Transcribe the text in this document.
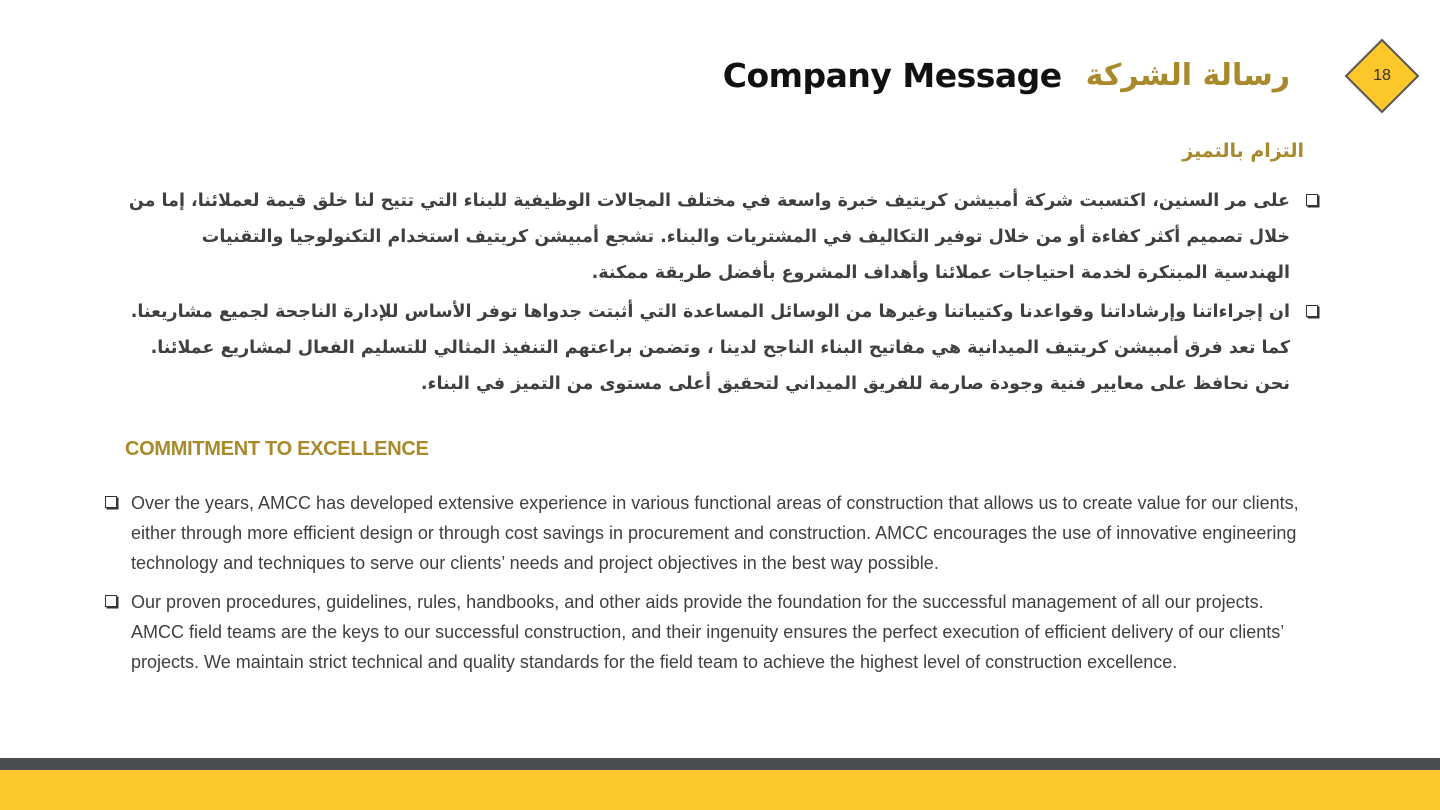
Company Message رسالة الشركة	18
التزام بالتميز
على مر السنين، اكتسبت شركة أمبيشن كريتيف خبرة واسعة في مختلف المجالات الوظيفية للبناء التي تتيح لنا خلق قيمة لعملائنا، إما من خلال تصميم أكثر كفاءة أو من خلال توفير التكاليف في المشتريات والبناء. تشجع أمبيشن كريتيف استخدام التكنولوجيا والتقنيات الهندسية المبتكرة لخدمة احتياجات عملائنا وأهداف المشروع بأفضل طريقة ممكنة.
ان إجراءاتنا وإرشاداتنا وقواعدنا وكتيباتنا وغيرها من الوسائل المساعدة التي أثبتت جدواها توفر الأساس للإدارة الناجحة لجميع مشاريعنا. كما تعد فرق أمبيشن كريتيف الميدانية هي مفاتيح البناء الناجح لدينا ، وتضمن براعتهم التنفيذ المثالي للتسليم الفعال لمشاريع عملائنا. نحن نحافظ على معايير فنية وجودة صارمة للفريق الميداني لتحقيق أعلى مستوى من التميز في البناء.
COMMITMENT TO EXCELLENCE
Over the years, AMCC has developed extensive experience in various functional areas of construction that allows us to create value for our clients, either through more efficient design or through cost savings in procurement and construction. AMCC encourages the use of innovative engineering technology and techniques to serve our clients’ needs and project objectives in the best way possible.
Our proven procedures, guidelines, rules, handbooks, and other aids provide the foundation for the successful management of all our projects. AMCC field teams are the keys to our successful construction, and their ingenuity ensures the perfect execution of efficient delivery of our clients’ projects. We maintain strict technical and quality standards for the field team to achieve the highest level of construction excellence.
